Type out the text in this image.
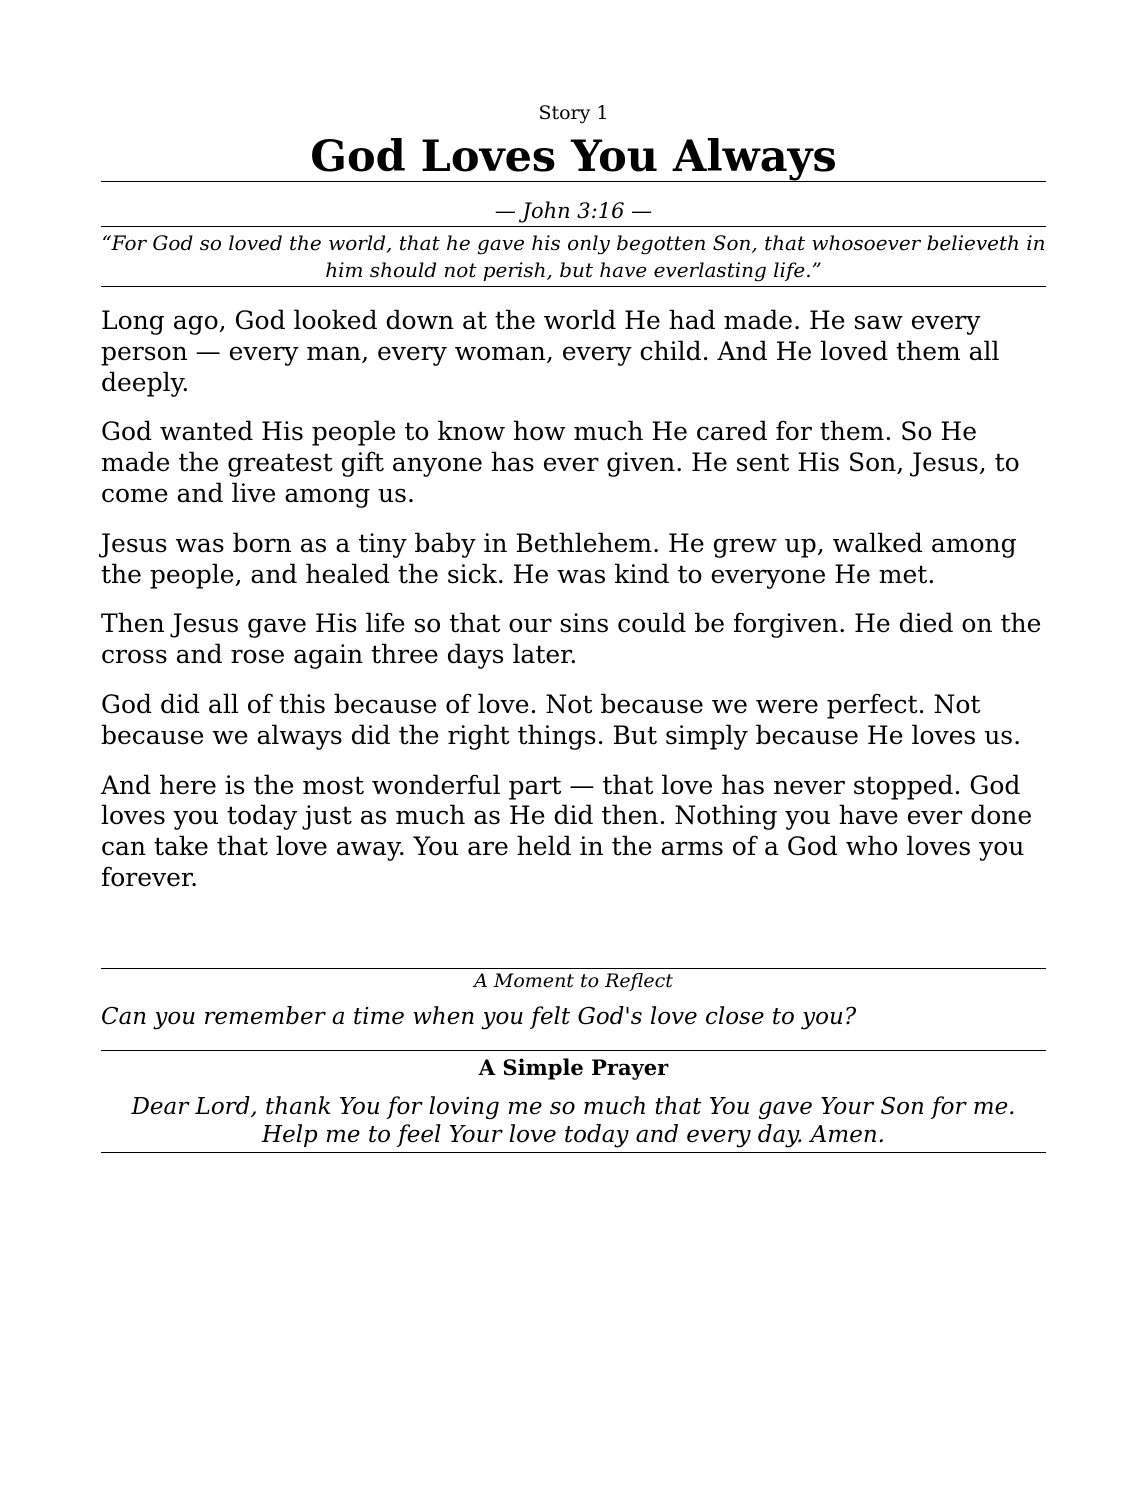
Story 1
God Loves You Always
— John 3:16 —
“For God so loved the world, that he gave his only begotten Son, that whosoever believeth in him should not perish, but have everlasting life.”

Long ago, God looked down at the world He had made. He saw every person — every man, every woman, every child. And He loved them all deeply.

God wanted His people to know how much He cared for them. So He made the greatest gift anyone has ever given. He sent His Son, Jesus, to come and live among us.

Jesus was born as a tiny baby in Bethlehem. He grew up, walked among the people, and healed the sick. He was kind to everyone He met.

Then Jesus gave His life so that our sins could be forgiven. He died on the cross and rose again three days later.

God did all of this because of love. Not because we were perfect. Not because we always did the right things. But simply because He loves us.

And here is the most wonderful part — that love has never stopped. God loves you today just as much as He did then. Nothing you have ever done can take that love away. You are held in the arms of a God who loves you forever.

A Moment to Reflect
Can you remember a time when you felt God's love close to you?
A Simple Prayer
Dear Lord, thank You for loving me so much that You gave Your Son for me. Help me to feel Your love today and every day. Amen.
